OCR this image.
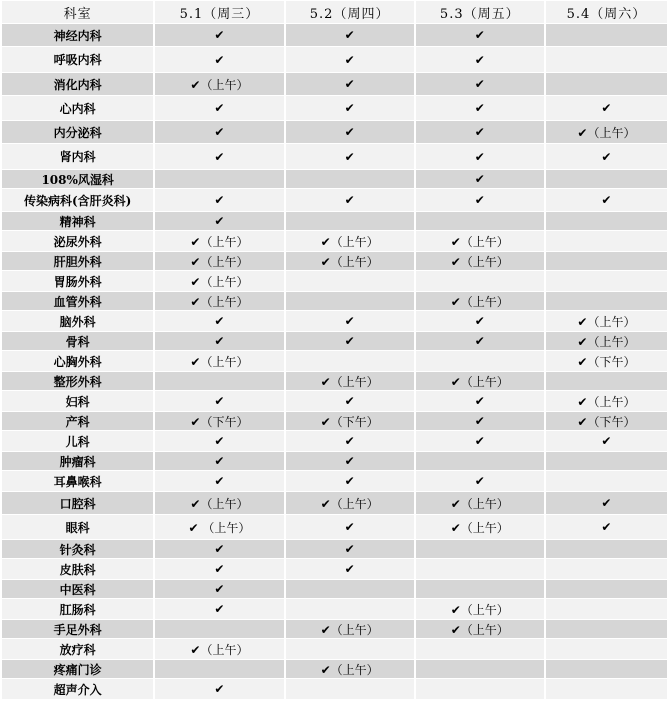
科室	5.1（周三）	5.2（周四）	5.3（周五）	5.4（周六）
神经内科	✔	✔	✔	
呼吸内科	✔	✔	✔	
消化内科	✔（上午）	✔	✔	
心内科	✔	✔	✔	✔
内分泌科	✔	✔	✔	✔（上午）
肾内科	✔	✔	✔	✔
108%风湿科			✔	
传染病科(含肝炎科)	✔	✔	✔	✔
精神科	✔			
泌尿外科	✔（上午）	✔（上午）	✔（上午）	
肝胆外科	✔（上午）	✔（上午）	✔（上午）	
胃肠外科	✔（上午）			
血管外科	✔（上午）		✔（上午）	
脑外科	✔	✔	✔	✔（上午）
骨科	✔	✔	✔	✔（上午）
心胸外科	✔（上午）			✔（下午）
整形外科		✔（上午）	✔（上午）	
妇科	✔	✔	✔	✔（上午）
产科	✔（下午）	✔（下午）	✔	✔（下午）
儿科	✔	✔	✔	✔
肿瘤科	✔	✔		
耳鼻喉科	✔	✔	✔	
口腔科	✔（上午）	✔（上午）	✔（上午）	✔
眼科	✔ （上午）	✔	✔（上午）	✔
针灸科	✔	✔		
皮肤科	✔	✔		
中医科	✔			
肛肠科	✔		✔（上午）	
手足外科		✔（上午）	✔（上午）	
放疗科	✔（上午）			
疼痛门诊		✔（上午）		
超声介入	✔			
